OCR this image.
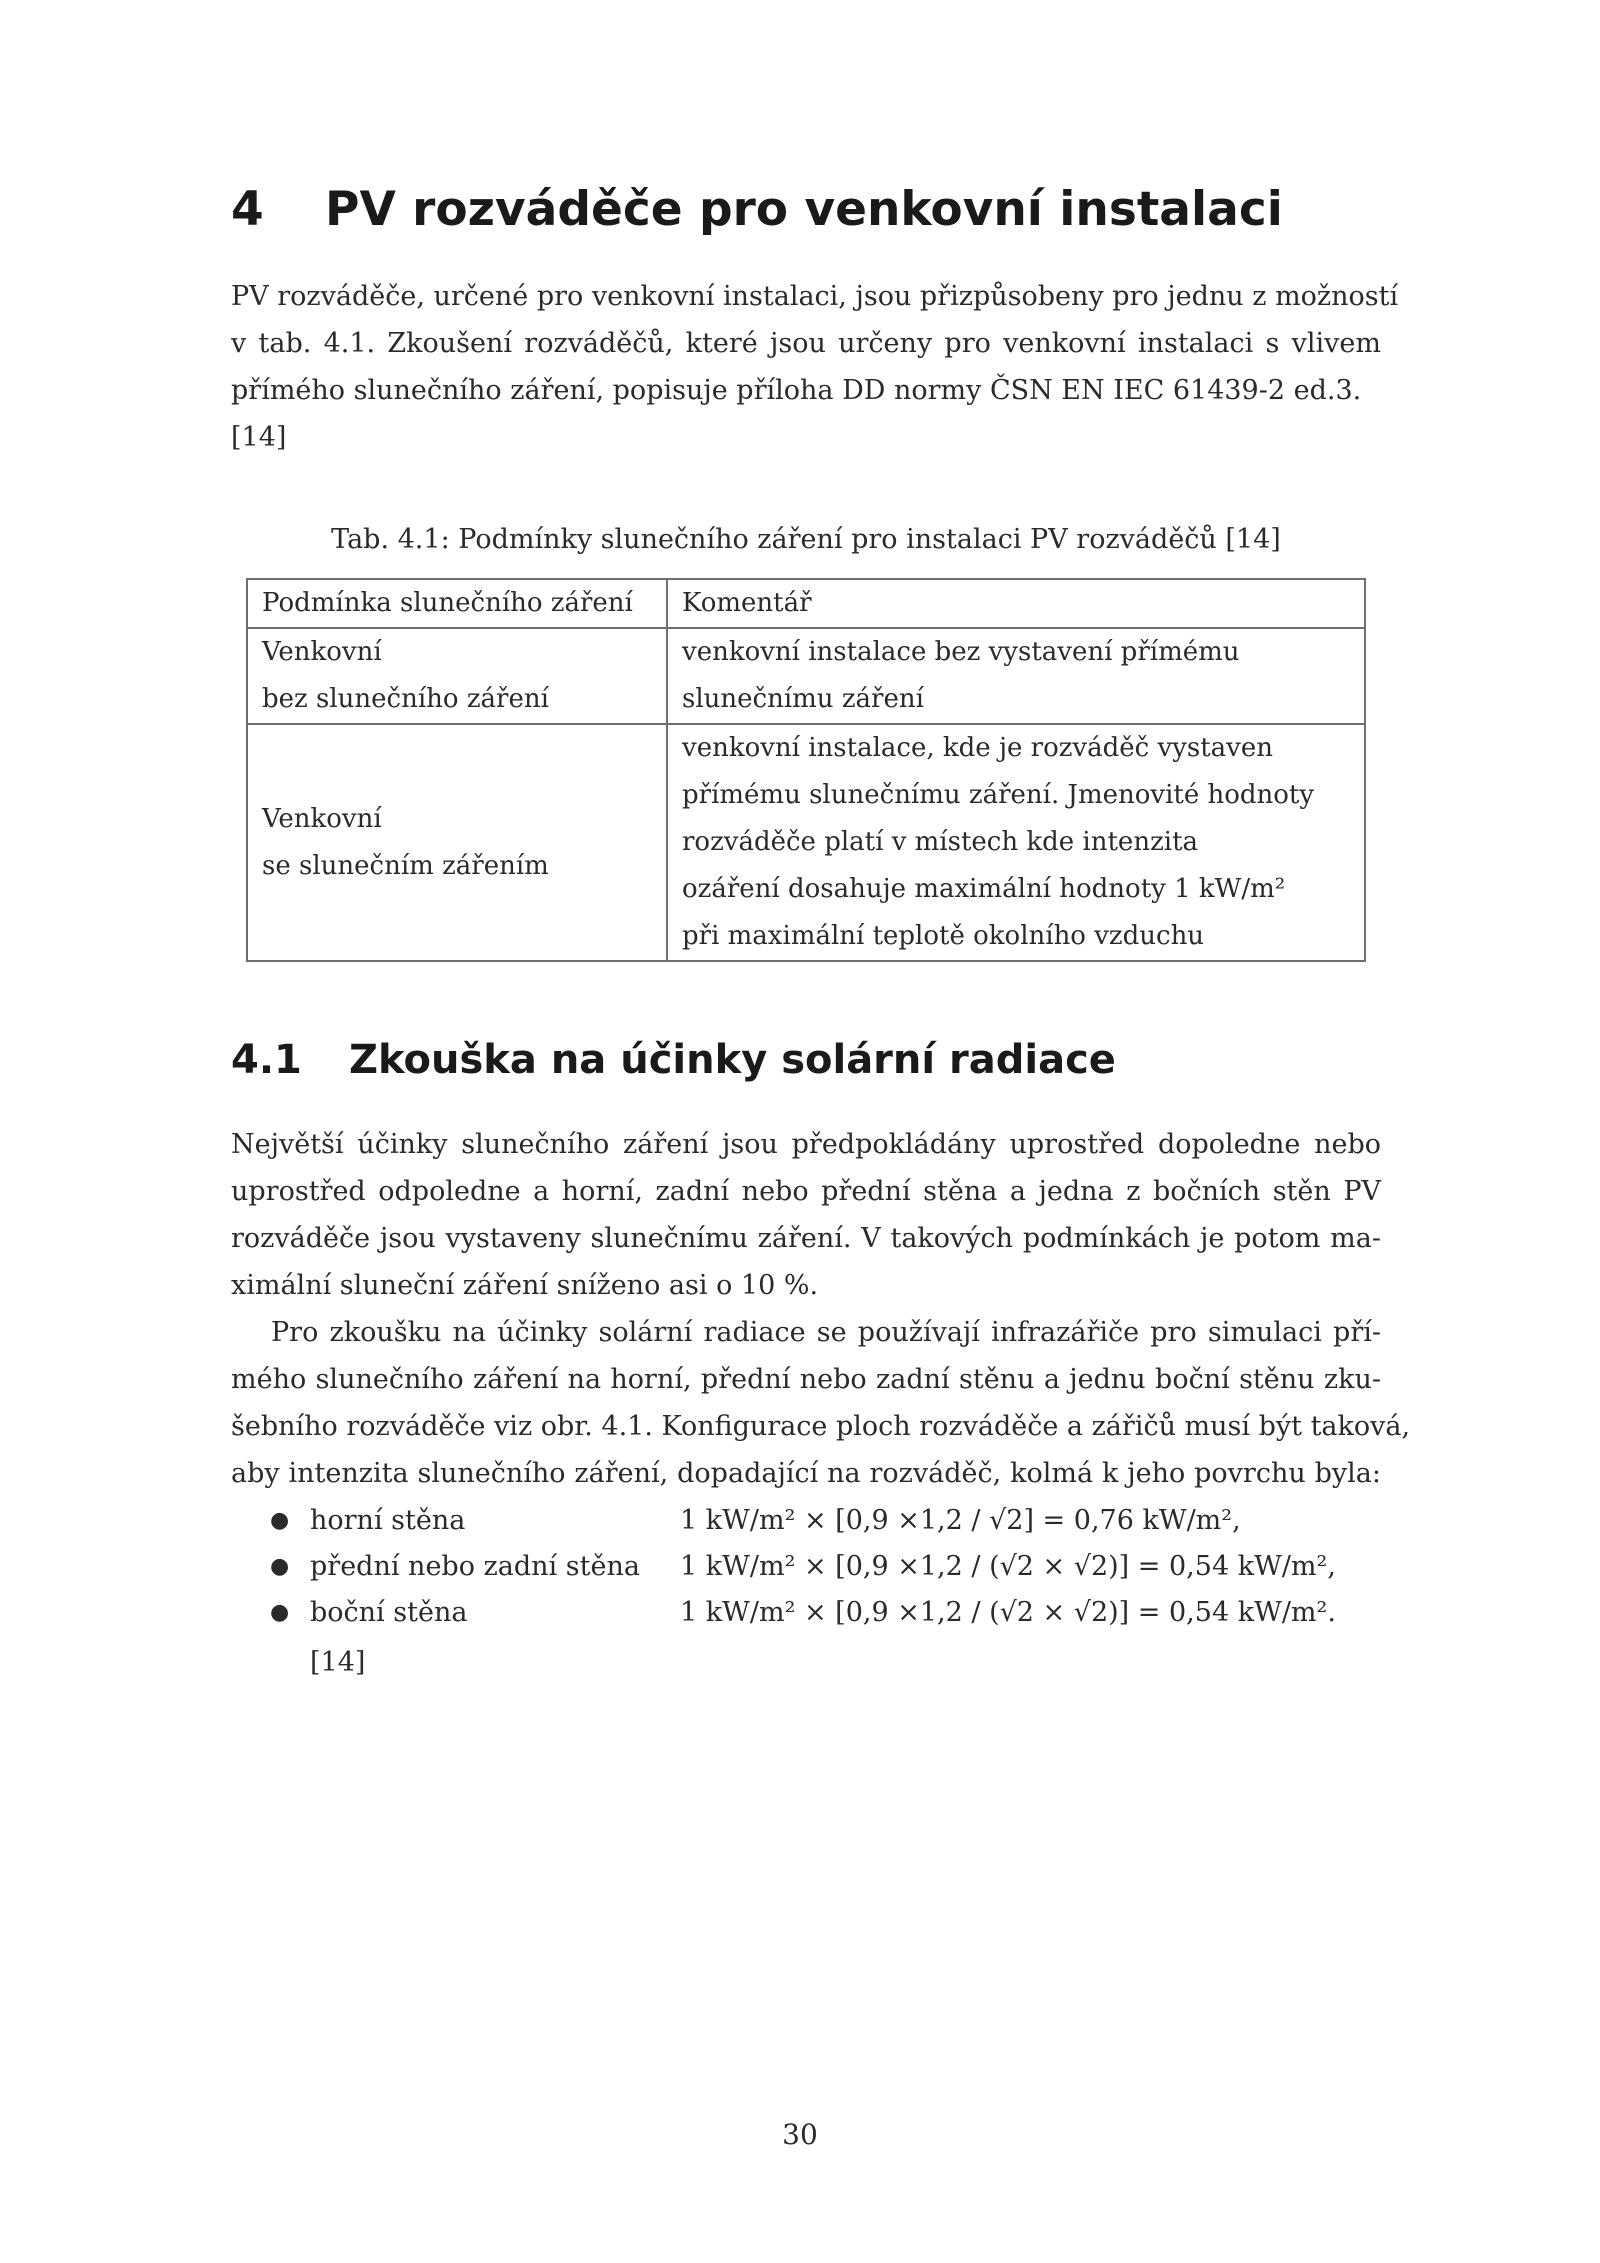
4 PV rozváděče pro venkovní instalaci
PV rozváděče, určené pro venkovní instalaci, jsou přizpůsobeny pro jednu z možností
v tab. 4.1. Zkoušení rozváděčů, které jsou určeny pro venkovní instalaci s vlivem
přímého slunečního záření, popisuje příloha DD normy ČSN EN IEC 61439-2 ed.3.
[14]
Tab. 4.1: Podmínky slunečního záření pro instalaci PV rozváděčů [14]
Podmínka slunečního záření	Komentář

Venkovní
bez slunečního záření	venkovní instalace bez vystavení přímému
slunečnímu záření

Venkovní
se slunečním zářením	venkovní instalace, kde je rozváděč vystaven
přímému slunečnímu záření. Jmenovité hodnoty
rozváděče platí v místech kde intenzita
ozáření dosahuje maximální hodnoty 1 kW/m²
při maximální teplotě okolního vzduchu
4.1 Zkouška na účinky solární radiace
Největší účinky slunečního záření jsou předpokládány uprostřed dopoledne nebo
uprostřed odpoledne a horní, zadní nebo přední stěna a jedna z bočních stěn PV
rozváděče jsou vystaveny slunečnímu záření. V takových podmínkách je potom ma-
ximální sluneční záření sníženo asi o 10 %.
Pro zkoušku na účinky solární radiace se používají infrazářiče pro simulaci pří-
mého slunečního záření na horní, přední nebo zadní stěnu a jednu boční stěnu zku-
šebního rozváděče viz obr. 4.1. Konfigurace ploch rozváděče a zářičů musí být taková,
aby intenzita slunečního záření, dopadající na rozváděč, kolmá k jeho povrchu byla:
● horní stěna	1 kW/m² × [0,9 ×1,2 / √2] = 0,76 kW/m²,
● přední nebo zadní stěna 1 kW/m² × [0,9 ×1,2 / (√2 × √2)] = 0,54 kW/m²,
● boční stěna	1 kW/m² × [0,9 ×1,2 / (√2 × √2)] = 0,54 kW/m².
[14]
30
